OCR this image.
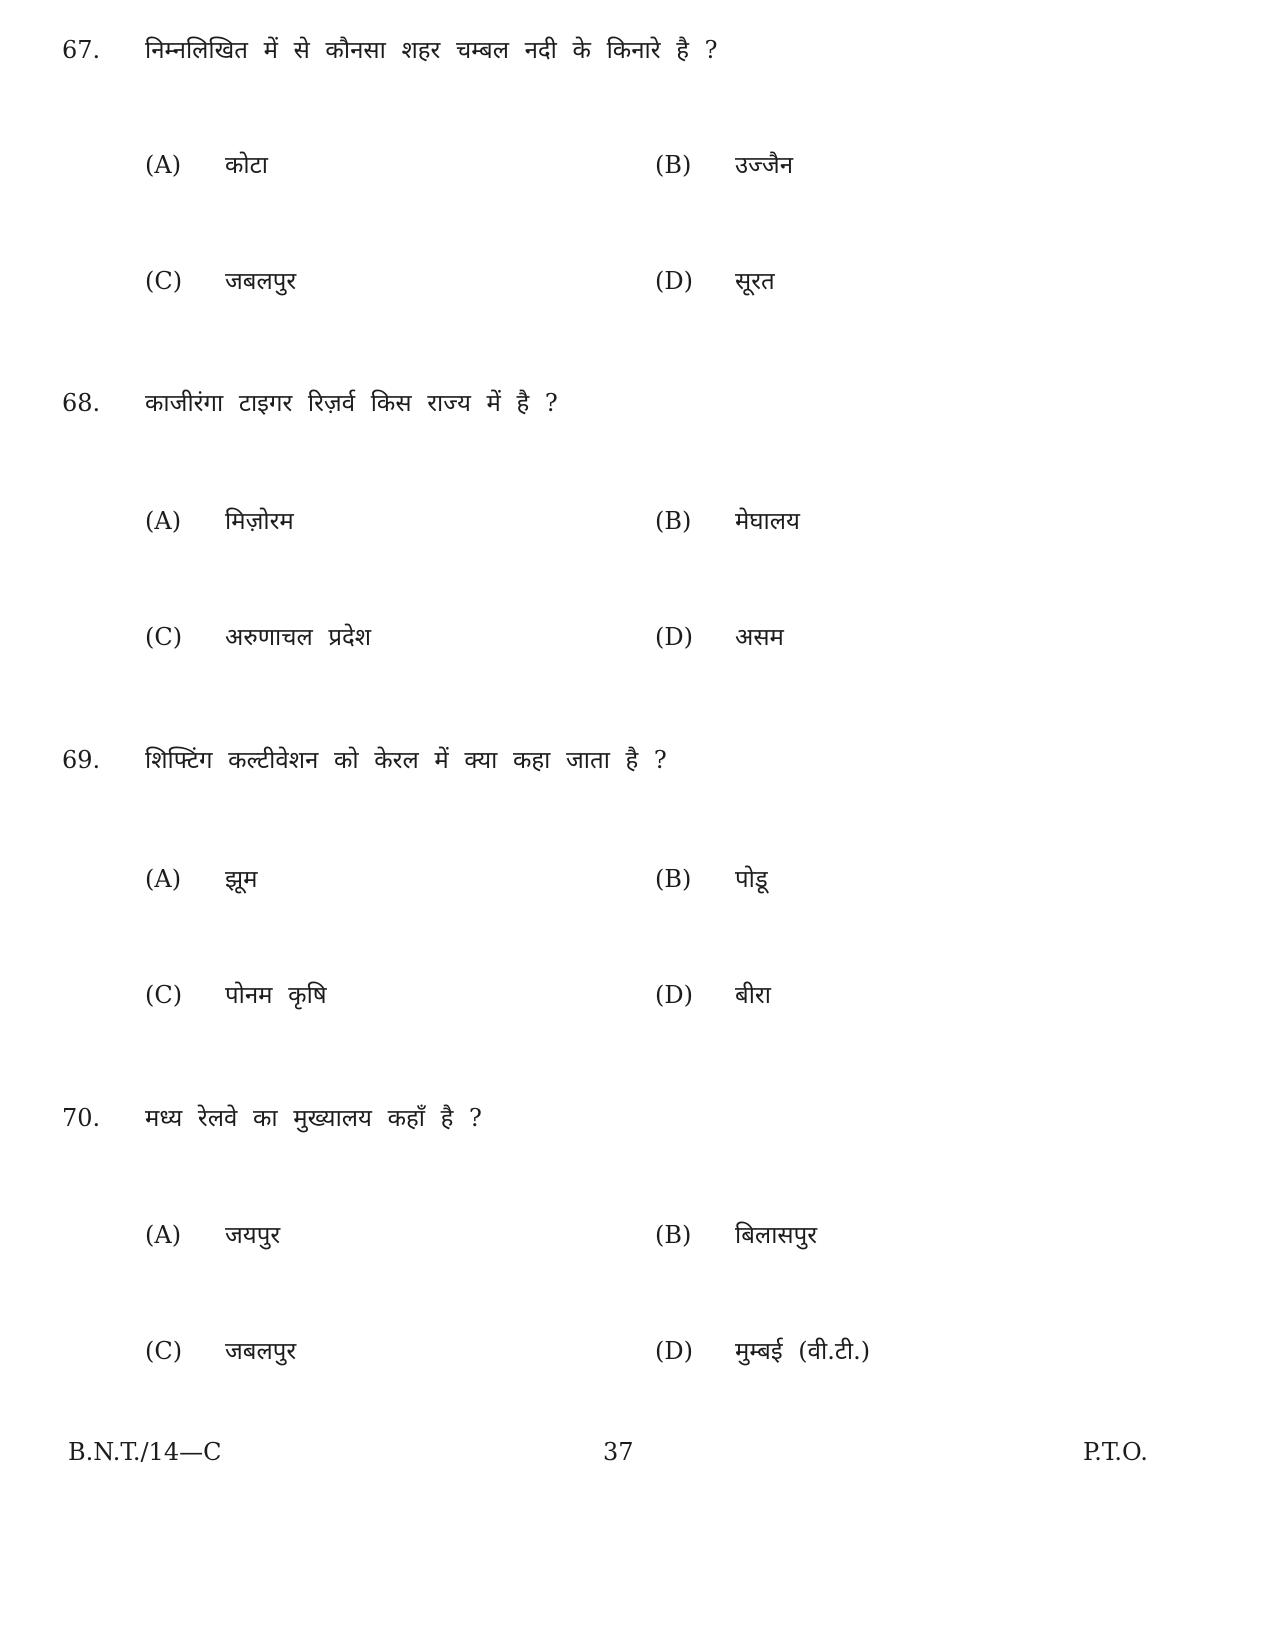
67. निम्नलिखित में से कौनसा शहर चम्बल नदी के किनारे है ?
(A) कोटा	(B) उज्जैन
(C) जबलपुर	(D) सूरत
68. काजीरंगा टाइगर रिज़र्व किस राज्य में है ?
(A) मिज़ोरम	(B) मेघालय
(C) अरुणाचल प्रदेश	(D) असम
69. शिफ्टिंग कल्टीवेशन को केरल में क्या कहा जाता है ?
(A) झूम	(B) पोडू
(C) पोनम कृषि	(D) बीरा
70. मध्य रेलवे का मुख्यालय कहाँ है ?
(A) जयपुर	(B) बिलासपुर
(C) जबलपुर	(D) मुम्बई (वी.टी.)
B.N.T./14—C	37	P.T.O.
